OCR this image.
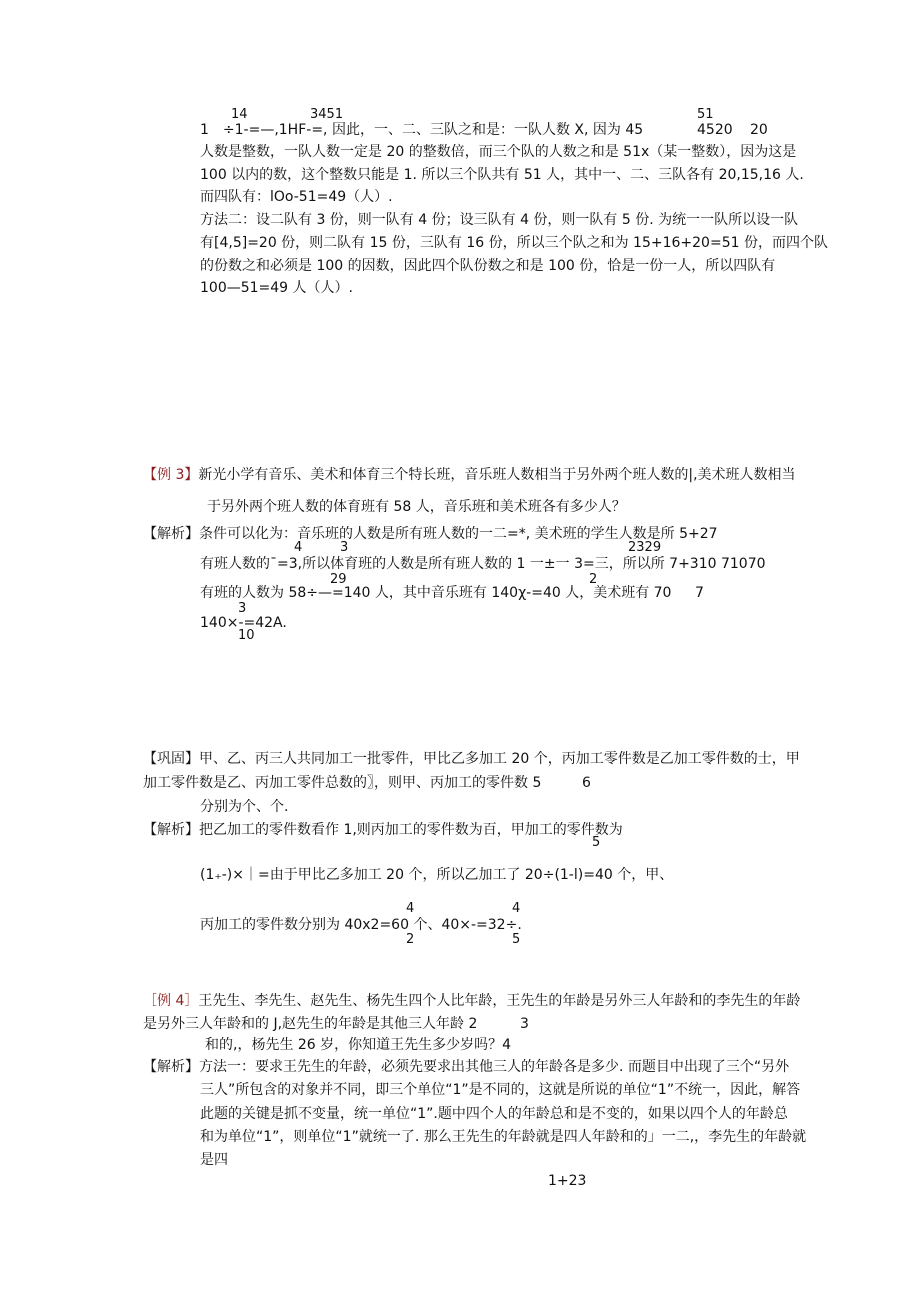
14	3451	51
1　÷1-=—,1HF-=, 因此，一、二、三队之和是：一队人数 X, 因为 45	4520 20
人数是整数，一队人数一定是 20 的整数倍，而三个队的人数之和是 51x（某一整数），因为这是
100 以内的数，这个整数只能是 1. 所以三个队共有 51 人，其中一、二、三队各有 20,15,16 人.
而四队有：lOo-51=49（人）.
方法二：设二队有 3 份，则一队有 4 份；设三队有 4 份，则一队有 5 份. 为统一一队所以设一队
有[4,5]=20 份，则二队有 15 份，三队有 16 份，所以三个队之和为 15+16+20=51 份，而四个队
的份数之和必须是 100 的因数，因此四个队份数之和是 100 份，恰是一份一人，所以四队有
100—51=49 人（人）.
【例 3】新光小学有音乐、美术和体育三个特长班，音乐班人数相当于另外两个班人数的|,美术班人数相当
于另外两个班人数的体育班有 58 人，音乐班和美术班各有多少人？
【解析】条件可以化为：音乐班的人数是所有班人数的一二=*, 美术班的学生人数是所 5+27
4	3	2329
有班人数的ˉ=3,所以体育班的人数是所有班人数的 1 一±一 3=三，所以所 7+310 71070
29	2
有班的人数为 58÷—=140 人，其中音乐班有 140χ-=40 人，美术班有 70 7
3
140×-=42A.
10
【巩固】甲、乙、丙三人共同加工一批零件，甲比乙多加工 20 个，丙加工零件数是乙加工零件数的士，甲
加工零件数是乙、丙加工零件总数的〗，则甲、丙加工的零件数 5	6
分别为个、个.
【解析】把乙加工的零件数看作 1,则丙加工的零件数为百，甲加工的零件数为
5
(1₊-)×｜=由于甲比乙多加工 20 个，所以乙加工了 20÷(1-l)=40 个，甲、
4	4
丙加工的零件数分别为 40x2=60 个、40×-=32÷.
2	5
［例 4］王先生、李先生、赵先生、杨先生四个人比年龄，王先生的年龄是另外三人年龄和的李先生的年龄
是另外三人年龄和的 J,赵先生的年龄是其他三人年龄 2	3
和的,，杨先生 26 岁，你知道王先生多少岁吗？4
【解析】方法一：要求王先生的年龄，必须先要求出其他三人的年龄各是多少. 而题目中出现了三个“另外
三人”所包含的对象并不同，即三个单位“1”是不同的，这就是所说的单位“1”不统一，因此，解答
此题的关键是抓不变量，统一单位“1”.题中四个人的年龄总和是不变的，如果以四个人的年龄总
和为单位“1”，则单位“1”就统一了. 那么王先生的年龄就是四人年龄和的」一二,，李先生的年龄就
是四
1+23
